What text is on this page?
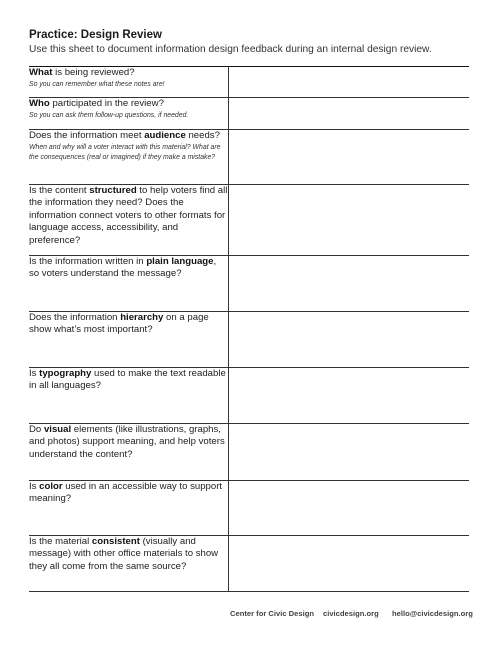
Practice: Design Review
Use this sheet to document information design feedback during an internal design review.
What is being reviewed?
So you can remember what these notes are!	

Who participated in the review?
So you can ask them follow-up questions, if needed.	

Does the information meet audience needs?
When and why will a voter interact with this material? What are the consequences (real or imagined) if they make a mistake?	

Is the content structured to help voters find all the information they need? Does the information connect voters to other formats for language access, accessibility, and preference?	

Is the information written in plain language, so voters understand the message?	

Does the information hierarchy on a page show what’s most important?	

Is typography used to make the text readable in all languages?	

Do visual elements (like illustrations, graphs, and photos) support meaning, and help voters understand the content?	

Is color used in an accessible way to support meaning?	

Is the material consistent (visually and message) with other office materials to show they all come from the same source?	

Center for Civic Design civicdesign.org hello@civicdesign.org
